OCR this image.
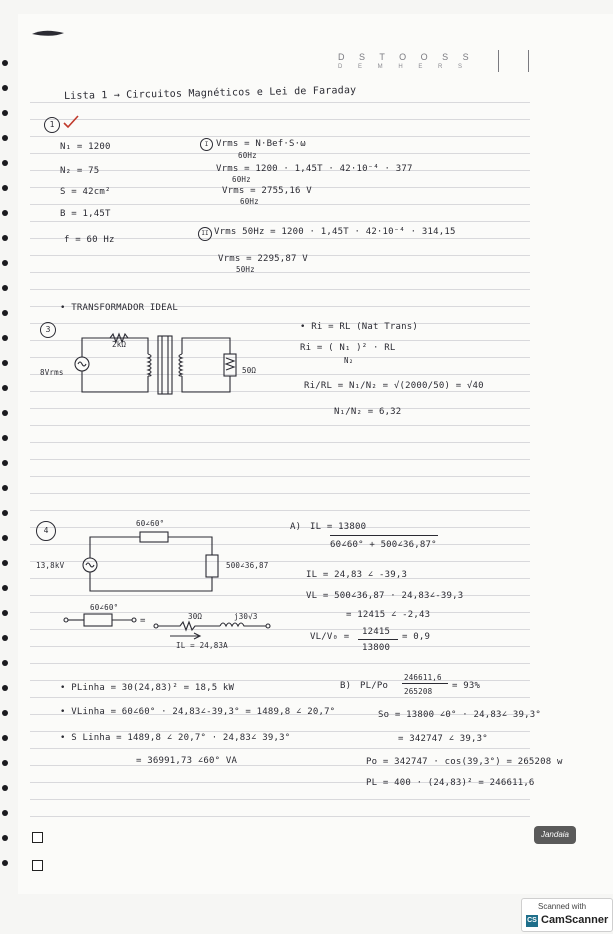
D S T O O S S
D E M H E R S
Lista 1 → Circuitos Magnéticos e Lei de Faraday
1
N₁ = 1200
N₂ = 75
S = 42cm²
B = 1,45T
f = 60 Hz
I Vrms = N·Bef·S·ω
60Hz
Vrms = 1200 · 1,45T · 42·10⁻⁴ · 377
60Hz
Vrms = 2755,16 V
60Hz
II Vrms 50Hz = 1200 · 1,45T · 42·10⁻⁴ · 314,15
Vrms = 2295,87 V
50Hz
• TRANSFORMADOR IDEAL
3
2kΩ
8Vrms	50Ω
• Ri = RL (Nat Trans)
Ri = ( N₁ )² · RL
N₂
Ri/RL = N₁/N₂ = √(2000/50) = √40
N₁/N₂ = 6,32
4
60∠60°
13,8kV	500∠36,87
60∠60°
=	30Ω	j30√3
IL = 24,83A
A) IL = 13800
60∠60° + 500∠36,87°
IL = 24,83 ∠ -39,3
VL = 500∠36,87 · 24,83∠-39,3
= 12415 ∠ -2,43
VL/V₀ = 12415
13800
= 0,9
• PLinha = 30(24,83)² = 18,5 kW
• VLinha = 60∠60° · 24,83∠-39,3° = 1489,8 ∠ 20,7°
• S Linha = 1489,8 ∠ 20,7° · 24,83∠ 39,3°
= 36991,73 ∠60° VA
B) PL/Po
246611,6
265208
= 93%
So = 13800 ∠0° · 24,83∠ 39,3°
= 342747 ∠ 39,3°
Po = 342747 · cos(39,3°) = 265208 w
PL = 400 · (24,83)² = 246611,6
Jandaia
Scanned with
CS CamScanner
